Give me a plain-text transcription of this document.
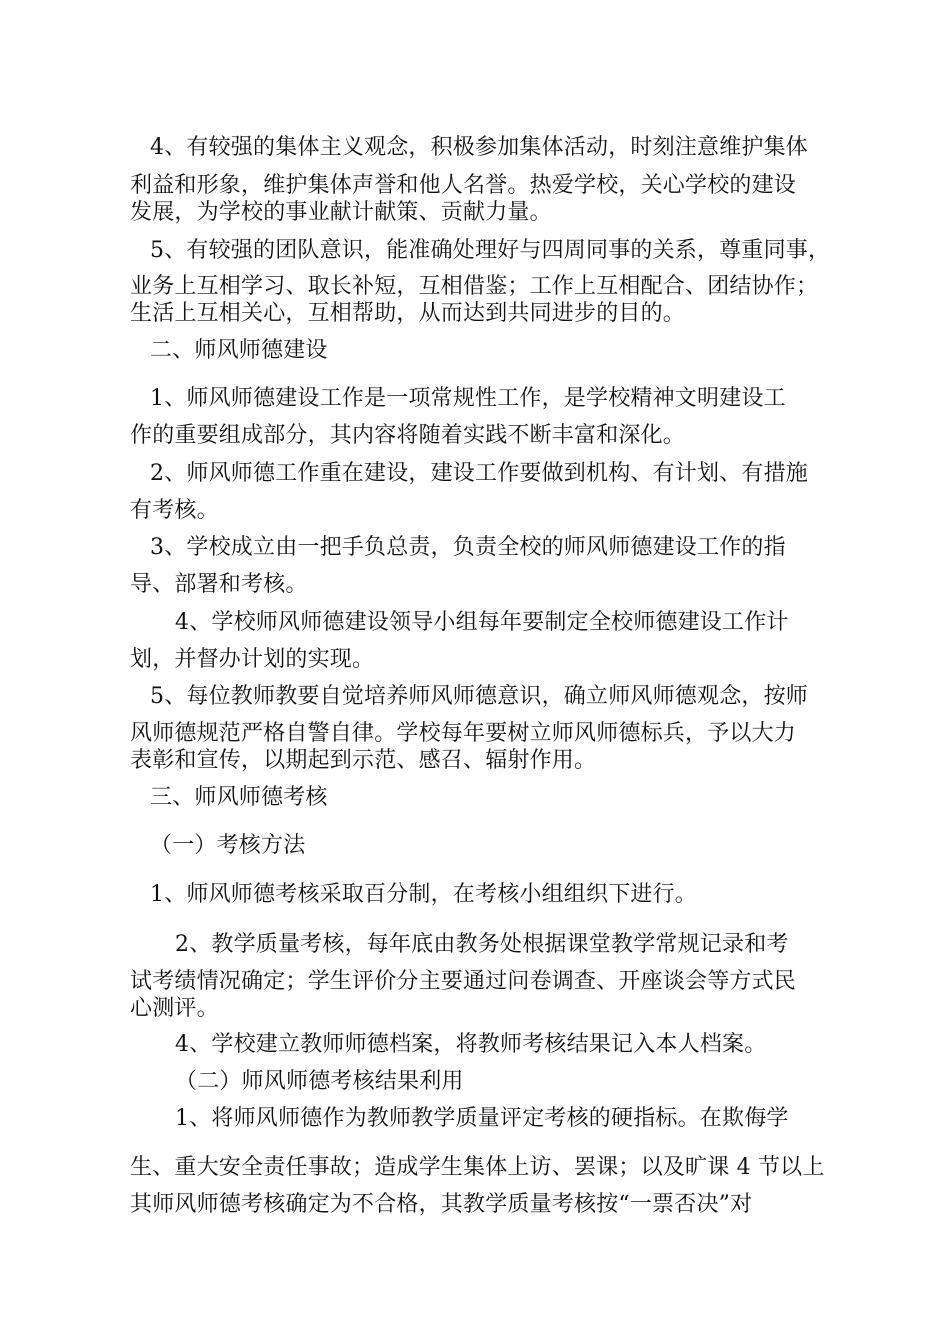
4、有较强的集体主义观念，积极参加集体活动，时刻注意维护集体
利益和形象，维护集体声誉和他人名誉。热爱学校，关心学校的建设
发展，为学校的事业献计献策、贡献力量。
5、有较强的团队意识，能准确处理好与四周同事的关系，尊重同事，
业务上互相学习、取长补短，互相借鉴；工作上互相配合、团结协作；
生活上互相关心，互相帮助，从而达到共同进步的目的。
二、师风师德建设
1、师风师德建设工作是一项常规性工作，是学校精神文明建设工
作的重要组成部分，其内容将随着实践不断丰富和深化。
2、师风师德工作重在建设，建设工作要做到机构、有计划、有措施
有考核。
3、学校成立由一把手负总责，负责全校的师风师德建设工作的指
导、部署和考核。
4、学校师风师德建设领导小组每年要制定全校师德建设工作计
划，并督办计划的实现。
5、每位教师教要自觉培养师风师德意识，确立师风师德观念，按师
风师德规范严格自警自律。学校每年要树立师风师德标兵，予以大力
表彰和宣传，以期起到示范、感召、辐射作用。
三、师风师德考核
（一）考核方法
1、师风师德考核采取百分制，在考核小组组织下进行。
2、教学质量考核，每年底由教务处根据课堂教学常规记录和考
试考绩情况确定；学生评价分主要通过问卷调查、开座谈会等方式民
心测评。
4、学校建立教师师德档案，将教师考核结果记入本人档案。
（二）师风师德考核结果利用
1、将师风师德作为教师教学质量评定考核的硬指标。在欺侮学
生、重大安全责任事故；造成学生集体上访、罢课；以及旷课 4 节以上
其师风师德考核确定为不合格，其教学质量考核按“一票否决”对
